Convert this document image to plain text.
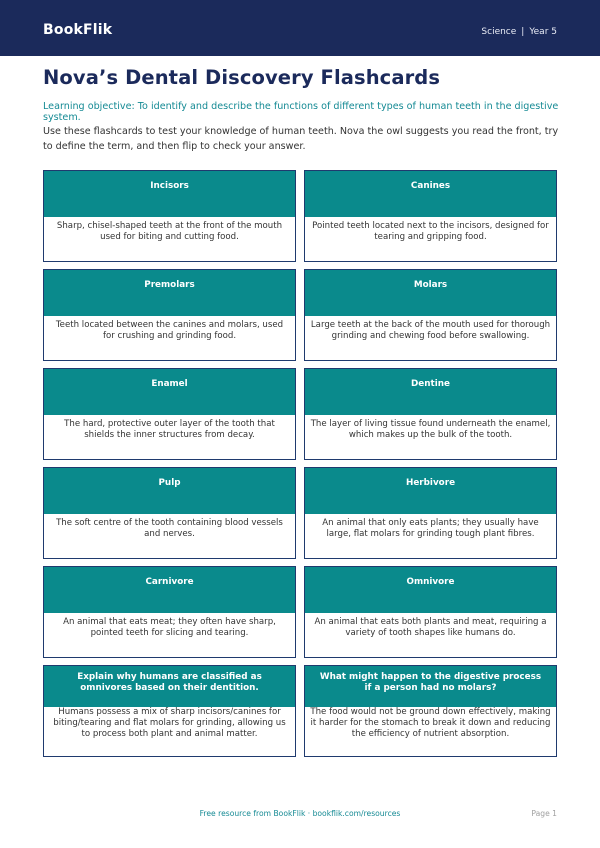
BookFlik	Science | Year 5
Nova’s Dental Discovery Flashcards
Learning objective: To identify and describe the functions of different types of human teeth in the digestive system.
Use these flashcards to test your knowledge of human teeth. Nova the owl suggests you read the front, try to define the term, and then flip to check your answer.
Incisors
Sharp, chisel-shaped teeth at the front of the mouth used for biting and cutting food.
Canines
Pointed teeth located next to the incisors, designed for tearing and gripping food.
Premolars
Teeth located between the canines and molars, used for crushing and grinding food.
Molars
Large teeth at the back of the mouth used for thorough grinding and chewing food before swallowing.
Enamel
The hard, protective outer layer of the tooth that shields the inner structures from decay.
Dentine
The layer of living tissue found underneath the enamel, which makes up the bulk of the tooth.
Pulp
The soft centre of the tooth containing blood vessels and nerves.
Herbivore
An animal that only eats plants; they usually have large, flat molars for grinding tough plant fibres.
Carnivore
An animal that eats meat; they often have sharp, pointed teeth for slicing and tearing.
Omnivore
An animal that eats both plants and meat, requiring a variety of tooth shapes like humans do.
Explain why humans are classified as omnivores based on their dentition.
Humans possess a mix of sharp incisors/canines for biting/tearing and flat molars for grinding, allowing us to process both plant and animal matter.
What might happen to the digestive process if a person had no molars?
The food would not be ground down effectively, making it harder for the stomach to break it down and reducing the efficiency of nutrient absorption.
Free resource from BookFlik · bookflik.com/resources	Page 1
